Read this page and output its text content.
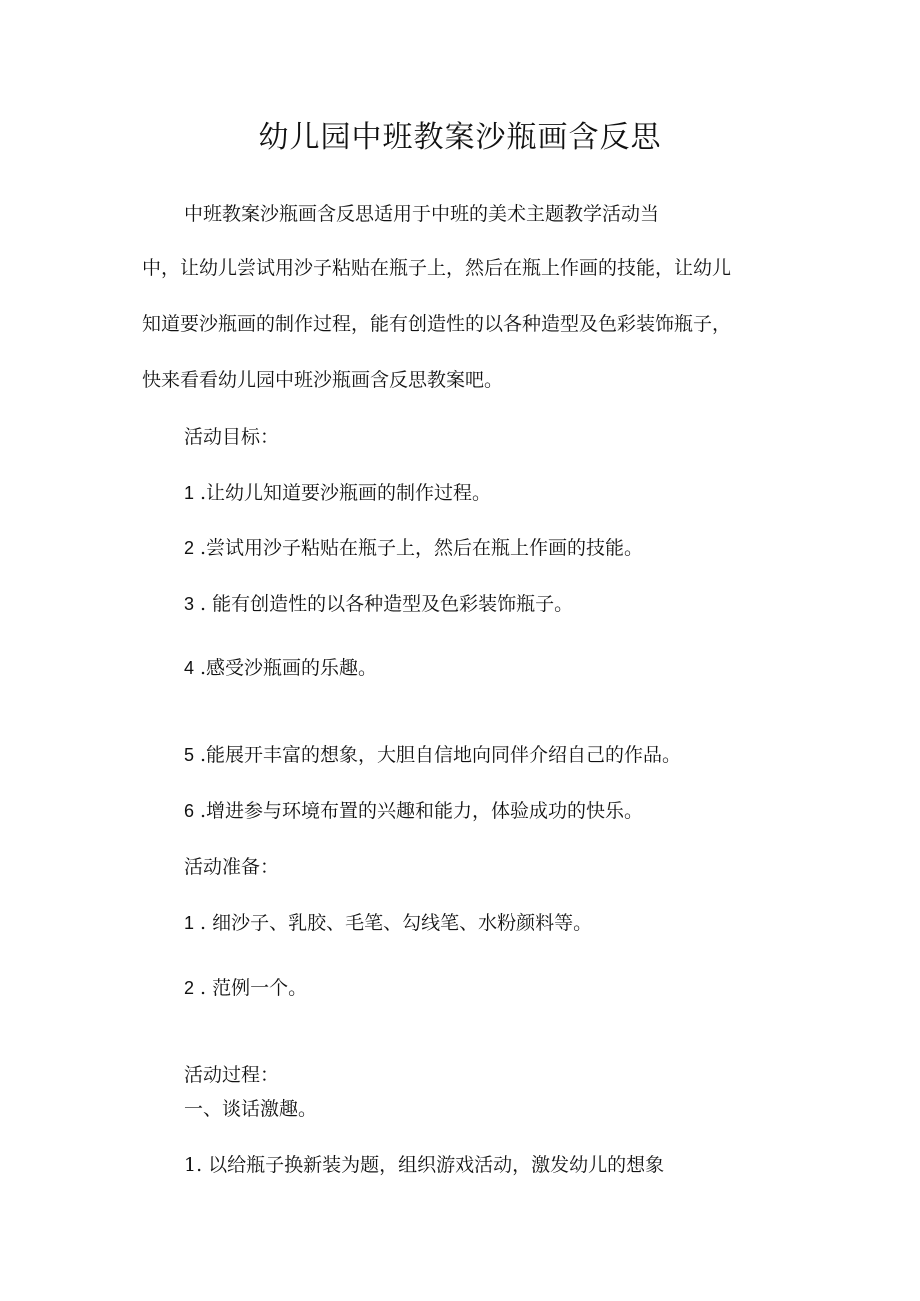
幼儿园中班教案沙瓶画含反思
中班教案沙瓶画含反思适用于中班的美术主题教学活动当
中，让幼儿尝试用沙子粘贴在瓶子上，然后在瓶上作画的技能，让幼儿
知道要沙瓶画的制作过程，能有创造性的以各种造型及色彩装饰瓶子，
快来看看幼儿园中班沙瓶画含反思教案吧。
活动目标：
1 .让幼儿知道要沙瓶画的制作过程。
2 .尝试用沙子粘贴在瓶子上，然后在瓶上作画的技能。
3 . 能有创造性的以各种造型及色彩装饰瓶子。
4 .感受沙瓶画的乐趣。
5 .能展开丰富的想象，大胆自信地向同伴介绍自己的作品。
6 .增进参与环境布置的兴趣和能力，体验成功的快乐。
活动准备：
1 . 细沙子、乳胶、毛笔、勾线笔、水粉颜料等。
2 . 范例一个。
活动过程：
一、谈话激趣。
1. 以给瓶子换新装为题，组织游戏活动，激发幼儿的想象
